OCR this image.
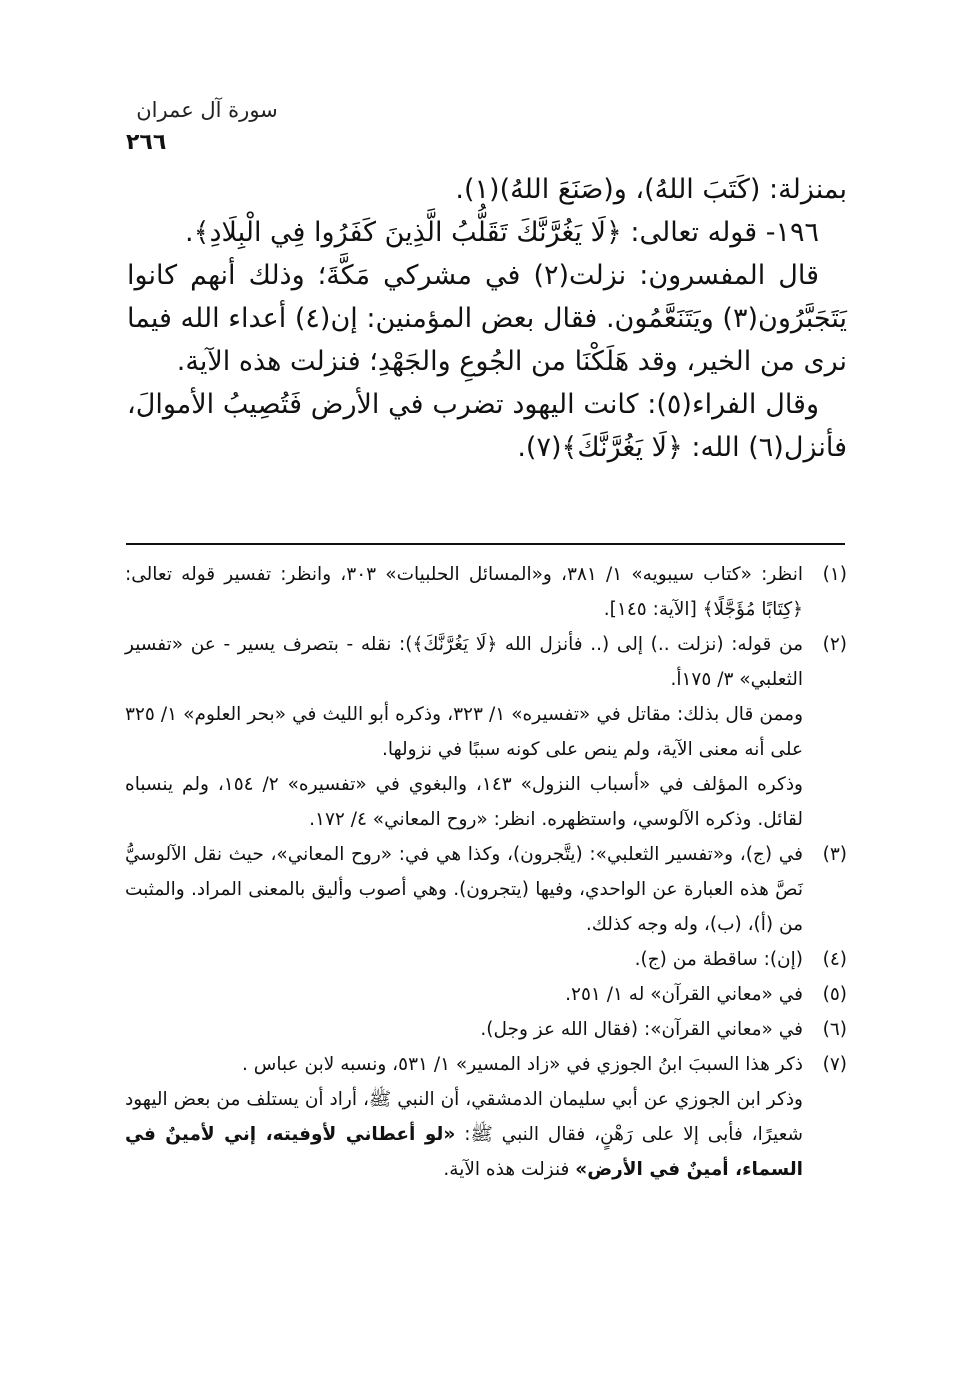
سورة آل عمران
٢٦٦

بمنزلة: (كَتَبَ اللهُ)، و(صَنَعَ اللهُ)(١).

١٩٦- قوله تعالى: ﴿لَا يَغُرَّنَّكَ تَقَلُّبُ الَّذِينَ كَفَرُوا فِي الْبِلَادِ﴾.

قال المفسرون: نزلت(٢) في مشركي مَكَّةَ؛ وذلك أنهم كانوا يَتَجَبَّرُون(٣) ويَتَنَعَّمُون. فقال بعض المؤمنين: إن(٤) أعداء الله فيما نرى من الخير، وقد هَلَكْنَا من الجُوعِ والجَهْدِ؛ فنزلت هذه الآية.

وقال الفراء(٥): كانت اليهود تضرب في الأرض فَتُصِيبُ الأموالَ، فأنزل(٦) الله: ﴿لَا يَغُرَّنَّكَ﴾(٧).

(١)
انظر: «كتاب سيبويه» ١/ ٣٨١، و«المسائل الحلبيات» ٣٠٣، وانظر: تفسير قوله تعالى: ﴿كِتَابًا مُؤَجَّلًا﴾ [الآية: ١٤٥].
(٢)
من قوله: (نزلت ..) إلى (.. فأنزل الله ﴿لَا يَغُرَّنَّكَ﴾): نقله - بتصرف يسير - عن «تفسير الثعلبي» ٣/ ١٧٥أ.

وممن قال بذلك: مقاتل في «تفسيره» ١/ ٣٢٣، وذكره أبو الليث في «بحر العلوم» ١/ ٣٢٥ على أنه معنى الآية، ولم ينص على كونه سببًا في نزولها.

وذكره المؤلف في «أسباب النزول» ١٤٣، والبغوي في «تفسيره» ٢/ ١٥٤، ولم ينسباه لقائل. وذكره الآلوسي، واستظهره. انظر: «روح المعاني» ٤/ ١٧٢.

(٣)
في (ج)، و«تفسير الثعلبي»: (يتَّجرون)، وكذا هي في: «روح المعاني»، حيث نقل الآلوسيُّ نَصَّ هذه العبارة عن الواحدي، وفيها (يتجرون). وهي أصوب وأليق بالمعنى المراد. والمثبت من (أ)، (ب)، وله وجه كذلك.
(٤)
(إن): ساقطة من (ج).
(٥)
في «معاني القرآن» له ١/ ٢٥١.
(٦)
في «معاني القرآن»: (فقال الله عز وجل).
(٧)
ذكر هذا السببَ ابنُ الجوزي في «زاد المسير» ١/ ٥٣١، ونسبه لابن عباس .

وذكر ابن الجوزي عن أبي سليمان الدمشقي، أن النبي ﷺ، أراد أن يستلف من بعض اليهود شعيرًا، فأبى إلا على رَهْنٍ، فقال النبي ﷺ: «لو أعطاني لأوفيته، إني لأمينٌ في السماء، أمينٌ في الأرض» فنزلت هذه الآية.
